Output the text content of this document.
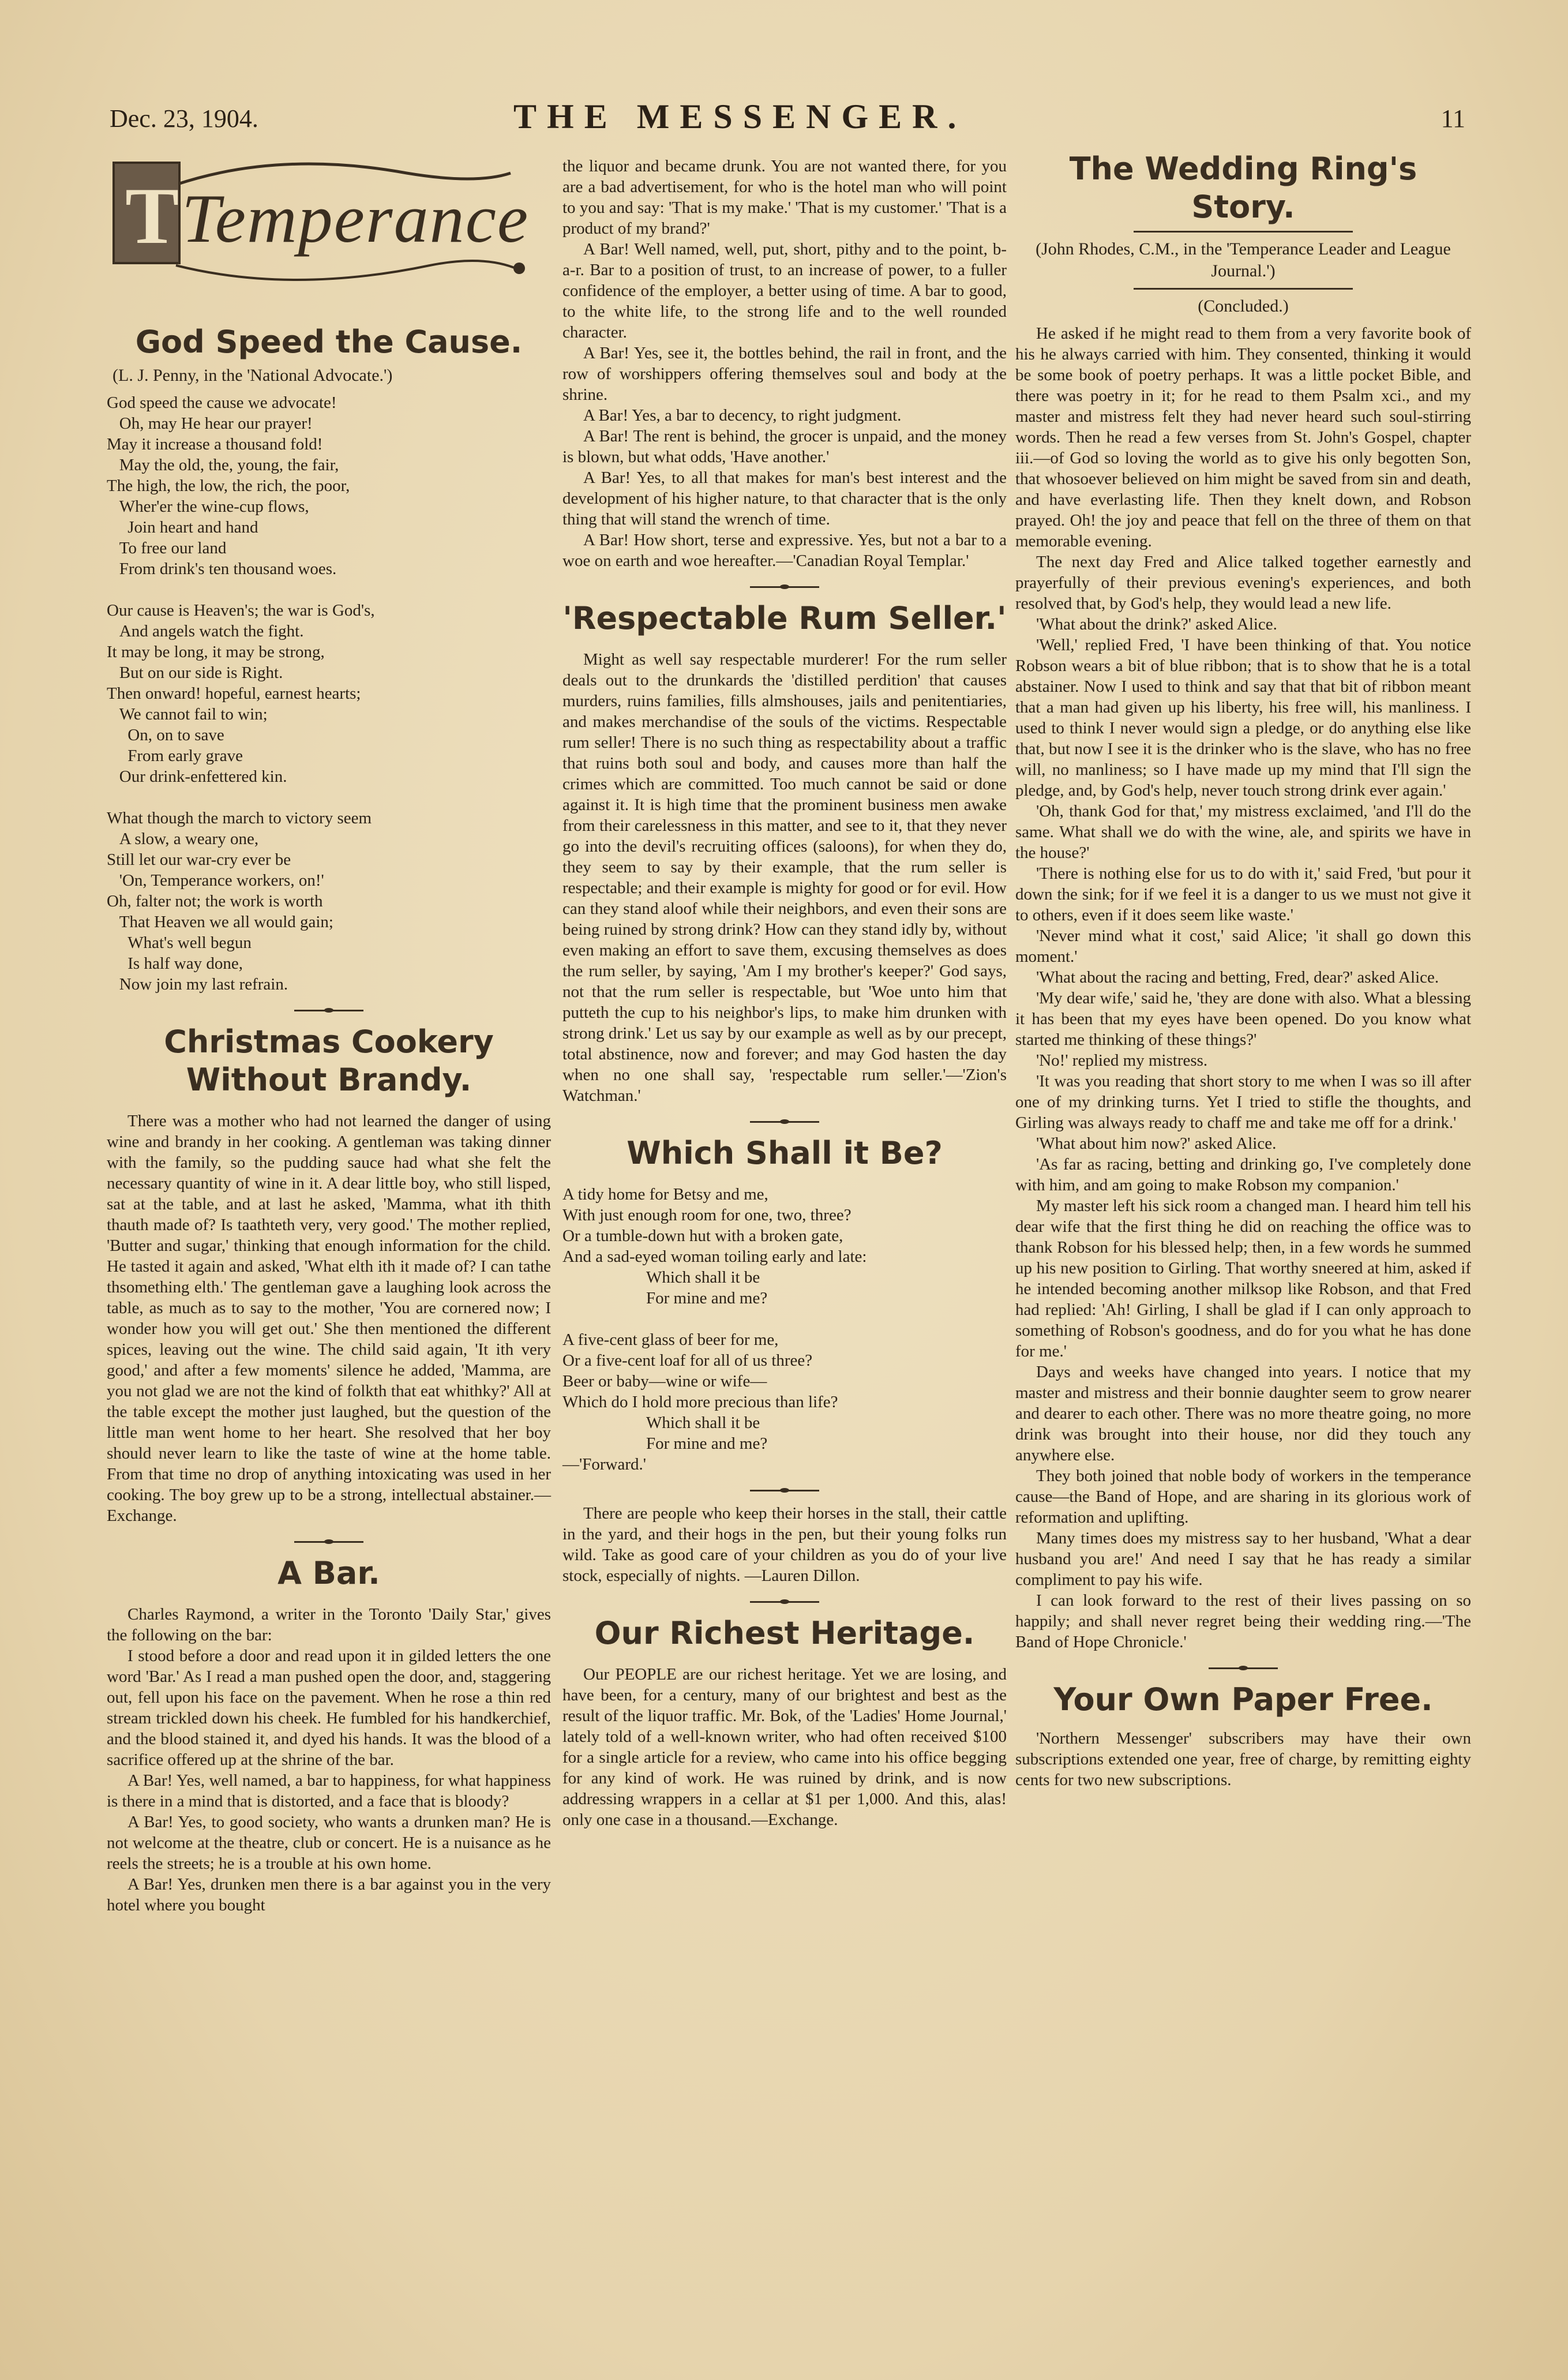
Dec. 23, 1904.	THE MESSENGER.	11
T Temperance
God Speed the Cause.

(L. J. Penny, in the 'National Advocate.')

God speed the cause we advocate!
Oh, may He hear our prayer!
May it increase a thousand fold!
May the old, the, young, the fair,
The high, the low, the rich, the poor,
Wher'er the wine-cup flows,
Join heart and hand
To free our land
From drink's ten thousand woes.

Our cause is Heaven's; the war is God's,
And angels watch the fight.
It may be long, it may be strong,
But on our side is Right.
Then onward! hopeful, earnest hearts;
We cannot fail to win;
On, on to save
From early grave
Our drink-enfettered kin.

What though the march to victory seem
A slow, a weary one,
Still let our war-cry ever be
'On, Temperance workers, on!'
Oh, falter not; the work is worth
That Heaven we all would gain;
What's well begun
Is half way done,
Now join my last refrain.

Christmas Cookery Without Brandy.

There was a mother who had not learned the danger of using wine and brandy in her cooking. A gentleman was taking dinner with the family, so the pudding sauce had what she felt the necessary quantity of wine in it. A dear little boy, who still lisped, sat at the table, and at last he asked, 'Mamma, what ith thith thauth made of? Is taathteth very, very good.' The mother replied, 'Butter and sugar,' thinking that enough information for the child. He tasted it again and asked, 'What elth ith it made of? I can tathe thsomething elth.' The gentleman gave a laughing look across the table, as much as to say to the mother, 'You are cornered now; I wonder how you will get out.' She then mentioned the different spices, leaving out the wine. The child said again, 'It ith very good,' and after a few moments' silence he added, 'Mamma, are you not glad we are not the kind of folkth that eat whithky?' All at the table except the mother just laughed, but the question of the little man went home to her heart. She resolved that her boy should never learn to like the taste of wine at the home table. From that time no drop of anything intoxicating was used in her cooking. The boy grew up to be a strong, intellectual abstainer.—Exchange.

A Bar.

Charles Raymond, a writer in the Toronto 'Daily Star,' gives the following on the bar:

I stood before a door and read upon it in gilded letters the one word 'Bar.' As I read a man pushed open the door, and, staggering out, fell upon his face on the pavement. When he rose a thin red stream trickled down his cheek. He fumbled for his handkerchief, and the blood stained it, and dyed his hands. It was the blood of a sacrifice offered up at the shrine of the bar.

A Bar! Yes, well named, a bar to happiness, for what happiness is there in a mind that is distorted, and a face that is bloody?

A Bar! Yes, to good society, who wants a drunken man? He is not welcome at the theatre, club or concert. He is a nuisance as he reels the streets; he is a trouble at his own home.

A Bar! Yes, drunken men there is a bar against you in the very hotel where you bought

the liquor and became drunk. You are not wanted there, for you are a bad advertisement, for who is the hotel man who will point to you and say: 'That is my make.' 'That is my customer.' 'That is a product of my brand?'

A Bar! Well named, well, put, short, pithy and to the point, b-a-r. Bar to a position of trust, to an increase of power, to a fuller confidence of the employer, a better using of time. A bar to good, to the white life, to the strong life and to the well rounded character.

A Bar! Yes, see it, the bottles behind, the rail in front, and the row of worshippers offering themselves soul and body at the shrine.

A Bar! Yes, a bar to decency, to right judgment.

A Bar! The rent is behind, the grocer is unpaid, and the money is blown, but what odds, 'Have another.'

A Bar! Yes, to all that makes for man's best interest and the development of his higher nature, to that character that is the only thing that will stand the wrench of time.

A Bar! How short, terse and expressive. Yes, but not a bar to a woe on earth and woe hereafter.—'Canadian Royal Templar.'

'Respectable Rum Seller.'

Might as well say respectable murderer! For the rum seller deals out to the drunkards the 'distilled perdition' that causes murders, ruins families, fills almshouses, jails and penitentiaries, and makes merchandise of the souls of the victims. Respectable rum seller! There is no such thing as respectability about a traffic that ruins both soul and body, and causes more than half the crimes which are committed. Too much cannot be said or done against it. It is high time that the prominent business men awake from their carelessness in this matter, and see to it, that they never go into the devil's recruiting offices (saloons), for when they do, they seem to say by their example, that the rum seller is respectable; and their example is mighty for good or for evil. How can they stand aloof while their neighbors, and even their sons are being ruined by strong drink? How can they stand idly by, without even making an effort to save them, excusing themselves as does the rum seller, by saying, 'Am I my brother's keeper?' God says, not that the rum seller is respectable, but 'Woe unto him that putteth the cup to his neighbor's lips, to make him drunken with strong drink.' Let us say by our example as well as by our precept, total abstinence, now and forever; and may God hasten the day when no one shall say, 'respectable rum seller.'—'Zion's Watchman.'

Which Shall it Be?

A tidy home for Betsy and me,
With just enough room for one, two, three?
Or a tumble-down hut with a broken gate,
And a sad-eyed woman toiling early and late:
Which shall it be
For mine and me?

A five-cent glass of beer for me,
Or a five-cent loaf for all of us three?
Beer or baby—wine or wife—
Which do I hold more precious than life?
Which shall it be
For mine and me?

—'Forward.'

There are people who keep their horses in the stall, their cattle in the yard, and their hogs in the pen, but their young folks run wild. Take as good care of your children as you do of your live stock, especially of nights. —Lauren Dillon.

Our Richest Heritage.

Our PEOPLE are our richest heritage. Yet we are losing, and have been, for a century, many of our brightest and best as the result of the liquor traffic. Mr. Bok, of the 'Ladies' Home Journal,' lately told of a well-known writer, who had often received $100 for a single article for a review, who came into his office begging for any kind of work. He was ruined by drink, and is now addressing wrappers in a cellar at $1 per 1,000. And this, alas! only one case in a thousand.—Exchange.

The Wedding Ring's Story.

(John Rhodes, C.M., in the 'Temperance Leader and League Journal.')

(Concluded.)

He asked if he might read to them from a very favorite book of his he always carried with him. They consented, thinking it would be some book of poetry perhaps. It was a little pocket Bible, and there was poetry in it; for he read to them Psalm xci., and my master and mistress felt they had never heard such soul-stirring words. Then he read a few verses from St. John's Gospel, chapter iii.—of God so loving the world as to give his only begotten Son, that whosoever believed on him might be saved from sin and death, and have everlasting life. Then they knelt down, and Robson prayed. Oh! the joy and peace that fell on the three of them on that memorable evening.

The next day Fred and Alice talked together earnestly and prayerfully of their previous evening's experiences, and both resolved that, by God's help, they would lead a new life.

'What about the drink?' asked Alice.

'Well,' replied Fred, 'I have been thinking of that. You notice Robson wears a bit of blue ribbon; that is to show that he is a total abstainer. Now I used to think and say that that bit of ribbon meant that a man had given up his liberty, his free will, his manliness. I used to think I never would sign a pledge, or do anything else like that, but now I see it is the drinker who is the slave, who has no free will, no manliness; so I have made up my mind that I'll sign the pledge, and, by God's help, never touch strong drink ever again.'

'Oh, thank God for that,' my mistress exclaimed, 'and I'll do the same. What shall we do with the wine, ale, and spirits we have in the house?'

'There is nothing else for us to do with it,' said Fred, 'but pour it down the sink; for if we feel it is a danger to us we must not give it to others, even if it does seem like waste.'

'Never mind what it cost,' said Alice; 'it shall go down this moment.'

'What about the racing and betting, Fred, dear?' asked Alice.

'My dear wife,' said he, 'they are done with also. What a blessing it has been that my eyes have been opened. Do you know what started me thinking of these things?'

'No!' replied my mistress.

'It was you reading that short story to me when I was so ill after one of my drinking turns. Yet I tried to stifle the thoughts, and Girling was always ready to chaff me and take me off for a drink.'

'What about him now?' asked Alice.

'As far as racing, betting and drinking go, I've completely done with him, and am going to make Robson my companion.'

My master left his sick room a changed man. I heard him tell his dear wife that the first thing he did on reaching the office was to thank Robson for his blessed help; then, in a few words he summed up his new position to Girling. That worthy sneered at him, asked if he intended becoming another milksop like Robson, and that Fred had replied: 'Ah! Girling, I shall be glad if I can only approach to something of Robson's goodness, and do for you what he has done for me.'

Days and weeks have changed into years. I notice that my master and mistress and their bonnie daughter seem to grow nearer and dearer to each other. There was no more theatre going, no more drink was brought into their house, nor did they touch any anywhere else.

They both joined that noble body of workers in the temperance cause—the Band of Hope, and are sharing in its glorious work of reformation and uplifting.

Many times does my mistress say to her husband, 'What a dear husband you are!' And need I say that he has ready a similar compliment to pay his wife.

I can look forward to the rest of their lives passing on so happily; and shall never regret being their wedding ring.—'The Band of Hope Chronicle.'

Your Own Paper Free.

'Northern Messenger' subscribers may have their own subscriptions extended one year, free of charge, by remitting eighty cents for two new subscriptions.
